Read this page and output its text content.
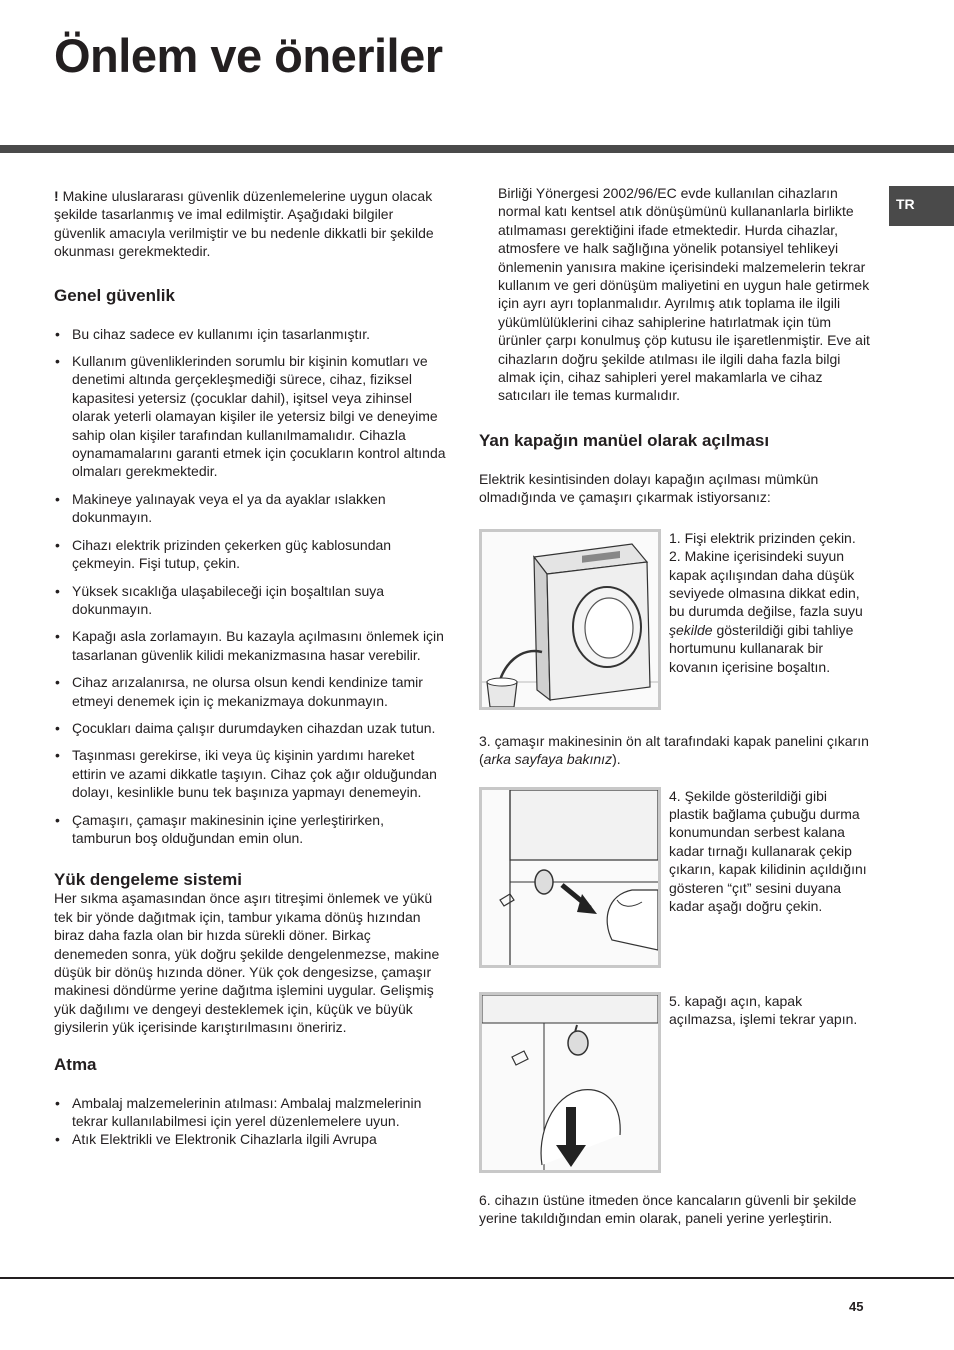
Önlem ve öneriler
TR

! Makine uluslararası güvenlik düzenlemelerine uygun olacak şekilde tasarlanmış ve imal edilmiştir. Aşağıdaki bilgiler güvenlik amacıyla verilmiştir ve bu nedenle dikkatli bir şekilde okunması gerekmektedir.

Genel güvenlik
• Bu cihaz sadece ev kullanımı için tasarlanmıştır.
• Kullanım güvenliklerinden sorumlu bir kişinin komutları ve denetimi altında gerçekleşmediği sürece, cihaz, fiziksel kapasitesi yetersiz (çocuklar dahil), işitsel veya zihinsel olarak yeterli olamayan kişiler ile yetersiz bilgi ve deneyime sahip olan kişiler tarafından kullanılmamalıdır. Cihazla oynamamalarını garanti etmek için çocukların kontrol altında olmaları gerekmektedir.
• Makineye yalınayak veya el ya da ayaklar ıslakken dokunmayın.
• Cihazı elektrik prizinden çekerken güç kablosundan çekmeyin. Fişi tutup, çekin.
• Yüksek sıcaklığa ulaşabileceği için boşaltılan suya dokunmayın.
• Kapağı asla zorlamayın. Bu kazayla açılmasını önlemek için tasarlanan güvenlik kilidi mekanizmasına hasar verebilir.
• Cihaz arızalanırsa, ne olursa olsun kendi kendinize tamir etmeyi denemek için iç mekanizmaya dokunmayın.
• Çocukları daima çalışır durumdayken cihazdan uzak tutun.
• Taşınması gerekirse, iki veya üç kişinin yardımı hareket ettirin ve azami dikkatle taşıyın. Cihaz çok ağır olduğundan dolayı, kesinlikle bunu tek başınıza yapmayı denemeyin.
• Çamaşırı, çamaşır makinesinin içine yerleştirirken, tamburun boş olduğundan emin olun.
Yük dengeleme sistemi

Her sıkma aşamasından önce aşırı titreşimi önlemek ve yükü tek bir yönde dağıtmak için, tambur yıkama dönüş hızından biraz daha fazla olan bir hızda sürekli döner. Birkaç denemeden sonra, yük doğru şekilde dengelenmezse, makine düşük bir dönüş hızında döner. Yük çok dengesizse, çamaşır makinesi döndürme yerine dağıtma işlemini uygular. Gelişmiş yük dağılımı ve dengeyi desteklemek için, küçük ve büyük giysilerin yük içerisinde karıştırılmasını öneririz.

Atma
• Ambalaj malzemelerinin atılması: Ambalaj malzmelerinin tekrar kullanılabilmesi için yerel düzenlemelere uyun.
• Atık Elektrikli ve Elektronik Cihazlarla ilgili Avrupa

Birliği Yönergesi 2002/96/EC evde kullanılan cihazların normal katı kentsel atık dönüşümünü kullananlarla birlikte atılmaması gerektiğini ifade etmektedir. Hurda cihazlar, atmosfere ve halk sağlığına yönelik potansiyel tehlikeyi önlemenin yanısıra makine içerisindeki malzemelerin tekrar kullanım ve geri dönüşüm maliyetini en uygun hale getirmek için ayrı ayrı toplanmalıdır. Ayrılmış atık toplama ile ilgili yükümlülüklerini cihaz sahiplerine hatırlatmak için tüm ürünler çarpı konulmuş çöp kutusu ile işaretlenmiştir. Eve ait cihazların doğru şekilde atılması ile ilgili daha fazla bilgi almak için, cihaz sahipleri yerel makamlarla ve cihaz satıcıları ile temas kurmalıdır.

Yan kapağın manüel olarak açılması

Elektrik kesintisinden dolayı kapağın açılması mümkün olmadığında ve çamaşırı çıkarmak istiyorsanız:

1. Fişi elektrik prizinden çekin.

2. Makine içerisindeki suyun kapak açılışından daha düşük seviyede olmasına dikkat edin, bu durumda değilse, fazla suyu şekilde gösterildiği gibi tahliye hortumunu kullanarak bir kovanın içerisine boşaltın.

3. çamaşır makinesinin ön alt tarafındaki kapak panelini çıkarın (arka sayfaya bakınız).

4. Şekilde gösterildiği gibi plastik bağlama çubuğu durma konumundan serbest kalana kadar tırnağı kullanarak çekip çıkarın, kapak kilidinin açıldığını gösteren “çıt” sesini duyana kadar aşağı doğru çekin.

5. kapağı açın, kapak açılmazsa, işlemi tekrar yapın.

6. cihazın üstüne itmeden önce kancaların güvenli bir şekilde yerine takıldığından emin olarak, paneli yerine yerleştirin.

45
